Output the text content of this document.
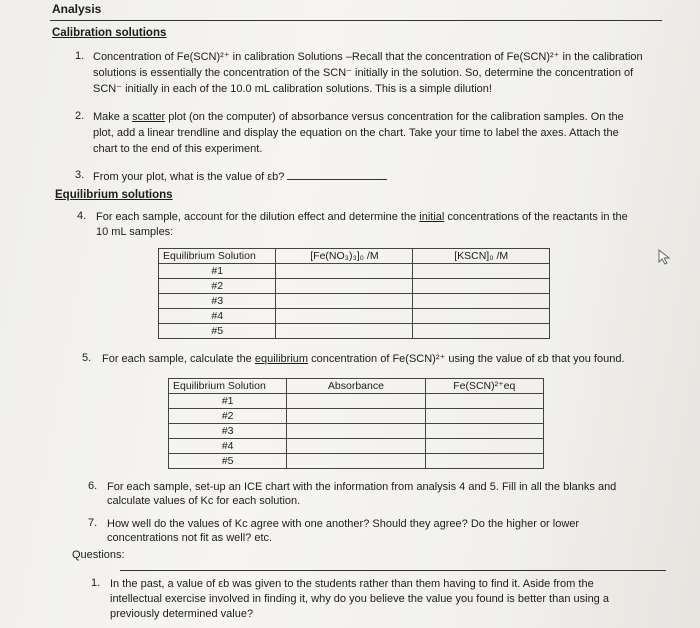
Analysis
Calibration solutions
1. Concentration of Fe(SCN)²⁺ in calibration Solutions –Recall that the concentration of Fe(SCN)²⁺ in the calibration
solutions is essentially the concentration of the SCN⁻ initially in the solution. So, determine the concentration of
SCN⁻ initially in each of the 10.0 mL calibration solutions. This is a simple dilution!
2. Make a scatter plot (on the computer) of absorbance versus concentration for the calibration samples. On the
plot, add a linear trendline and display the equation on the chart. Take your time to label the axes. Attach the
chart to the end of this experiment.
3. From your plot, what is the value of εb?
Equilibrium solutions
4. For each sample, account for the dilution effect and determine the initial concentrations of the reactants in the
10 mL samples:
Equilibrium Solution	[Fe(NO₃)₃]₀ /M	[KSCN]₀ /M
#1		
#2		
#3		
#4		
#5		
5. For each sample, calculate the equilibrium concentration of Fe(SCN)²⁺ using the value of εb that you found.
Equilibrium Solution	Absorbance	Fe(SCN)²⁺eq
#1		
#2		
#3		
#4		
#5		
6. For each sample, set-up an ICE chart with the information from analysis 4 and 5. Fill in all the blanks and
calculate values of Kc for each solution.
7. How well do the values of Kc agree with one another? Should they agree? Do the higher or lower
concentrations not fit as well? etc.
Questions:
1. In the past, a value of εb was given to the students rather than them having to find it. Aside from the
intellectual exercise involved in finding it, why do you believe the value you found is better than using a
previously determined value?
